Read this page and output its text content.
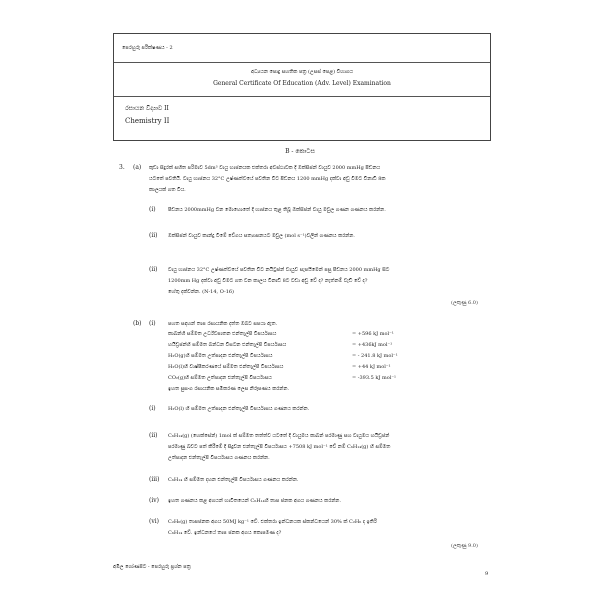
පෙරහුරු පරීක්ෂණය - 2
අධ්‍යයන පොදු සහතික පත්‍ර (උසස් පෙළ) විභාගය
General Certificate Of Education (Adv. Level) Examination
රසායන විද්‍යාව II
Chemistry II
B - කොටස
3. (a) කුඩා සිදුරක් සහිත පරිමාව 5dm³ වායු භාජනයක එක්තරා අවස්ථාවක දී ඔක්සිජන් වායුව 2000 mmHg පීඩනය
යටතේ පවතියි. වායු භාජනය 32°C උෂ්ණත්වයේ පවතින විට පීඩනය 1200 mmHg දක්වා අඩු වීමට විනාඩි 8ක
කාලයක් ගත විය.
(i) පීඩනය 2000mmHg වන මොහොතේ දී භාජනය තුළ තිබූ ඔක්සිජන් වායු මවුල ගණන ගණනය කරන්න.
(ii) ඔක්සිජන් වායුව කාන්දු වීමේ වේගය සත්‍යාපනයට මවුල (mol s⁻¹)වලින් ගණනය කරන්න.
(ii) වායු භාජනය 32°C උෂ්ණත්වයේ පවතින විට නයිට්‍රජන් වායුව සැපයීමෙන් පසු පීඩනය 2000 mmHg සිට
1200mm Hg දක්වා අඩු වීමට ගත වන කාලය විනාඩි 8ට වඩා අඩු වේ ද? නැත්නම් වැඩි වේ ද?
හේතු දක්වන්න. (N-14, O-16)
(ලකුණු 6.0)
(b) (i) පහත සඳහන් තාප රසායනික දත්ත ඔබට සපයා ඇත.
කාබන්හි සම්මත උර්ධ්වපාතන එන්තැල්පි විපර්යාසය	= +596 kJ mol⁻¹
හයිඩ්‍රජන්හි සම්මත බන්ධන විඝටන එන්තැල්පි විපර්යාසය	= +436kJ mol⁻¹
H₂O(g)හි සම්මත උත්පාදන එන්තැල්පි විපර්යාසය	= - 241.8 kJ mol⁻¹
H₂O(l)හි වාෂ්පීකරණයේ සම්මත එන්තැල්පි විපර්යාසය	= +44 kJ mol⁻¹
CO₂(g)හි සම්මත උත්පාදන එන්තැල්පි විපර්යාසය	= -393.5 kJ mol⁻¹
ඉහත සුසංග රසායනික සමීකරණ ලෙස නිරූපණය කරන්න.
(i) H₂O(l) හි සම්මත උත්පාදන එන්තැල්පි විපර්යාසය ගණනය කරන්න.
(ii) C₆H₁₄(g) (හෙක්සේන්) 1mol ක් සම්මත තත්ත්ව යටතේ දී වායුමය කාබන් පරමාණු සහ වායුමය හයිඩ්‍රජන්
පරමාණු බවට පත් කිරීමේ දී සිදුවන එන්තැල්පි විපර්යාසය +7508 kJ mol⁻¹ වේ නම් C₆H₁₄(g) හි සම්මත
උත්පාදන එන්තැල්පි විපර්යාසය ගණනය කරන්න.
(iii) C₆H₁₄ හි සම්මත දහන එන්තැල්පි විපර්යාසය ගණනය කරන්න.
(iv) ඉහත ගණනය කළ අගයන් භාවිතයෙන් C₆H₁₄හි තාප ජනක අගය ගණනය කරන්න.
(vi) C₂H₆(g) තාපජනක අගය 50MJ kg⁻¹ වේ. එක්තරා ඉන්ධනයක ස්කන්ධයෙන් 30% ක් C₂H₆ ද ඉතිරි
C₆H₁₄ වේ. ඉන්ධනයේ තාප ජනක අගය කොපමණ ද?
(ලකුණු 9.0)
අමිල ගෝණපිට - පෙරහුරු ප්‍රශ්න පත්‍ර
9
